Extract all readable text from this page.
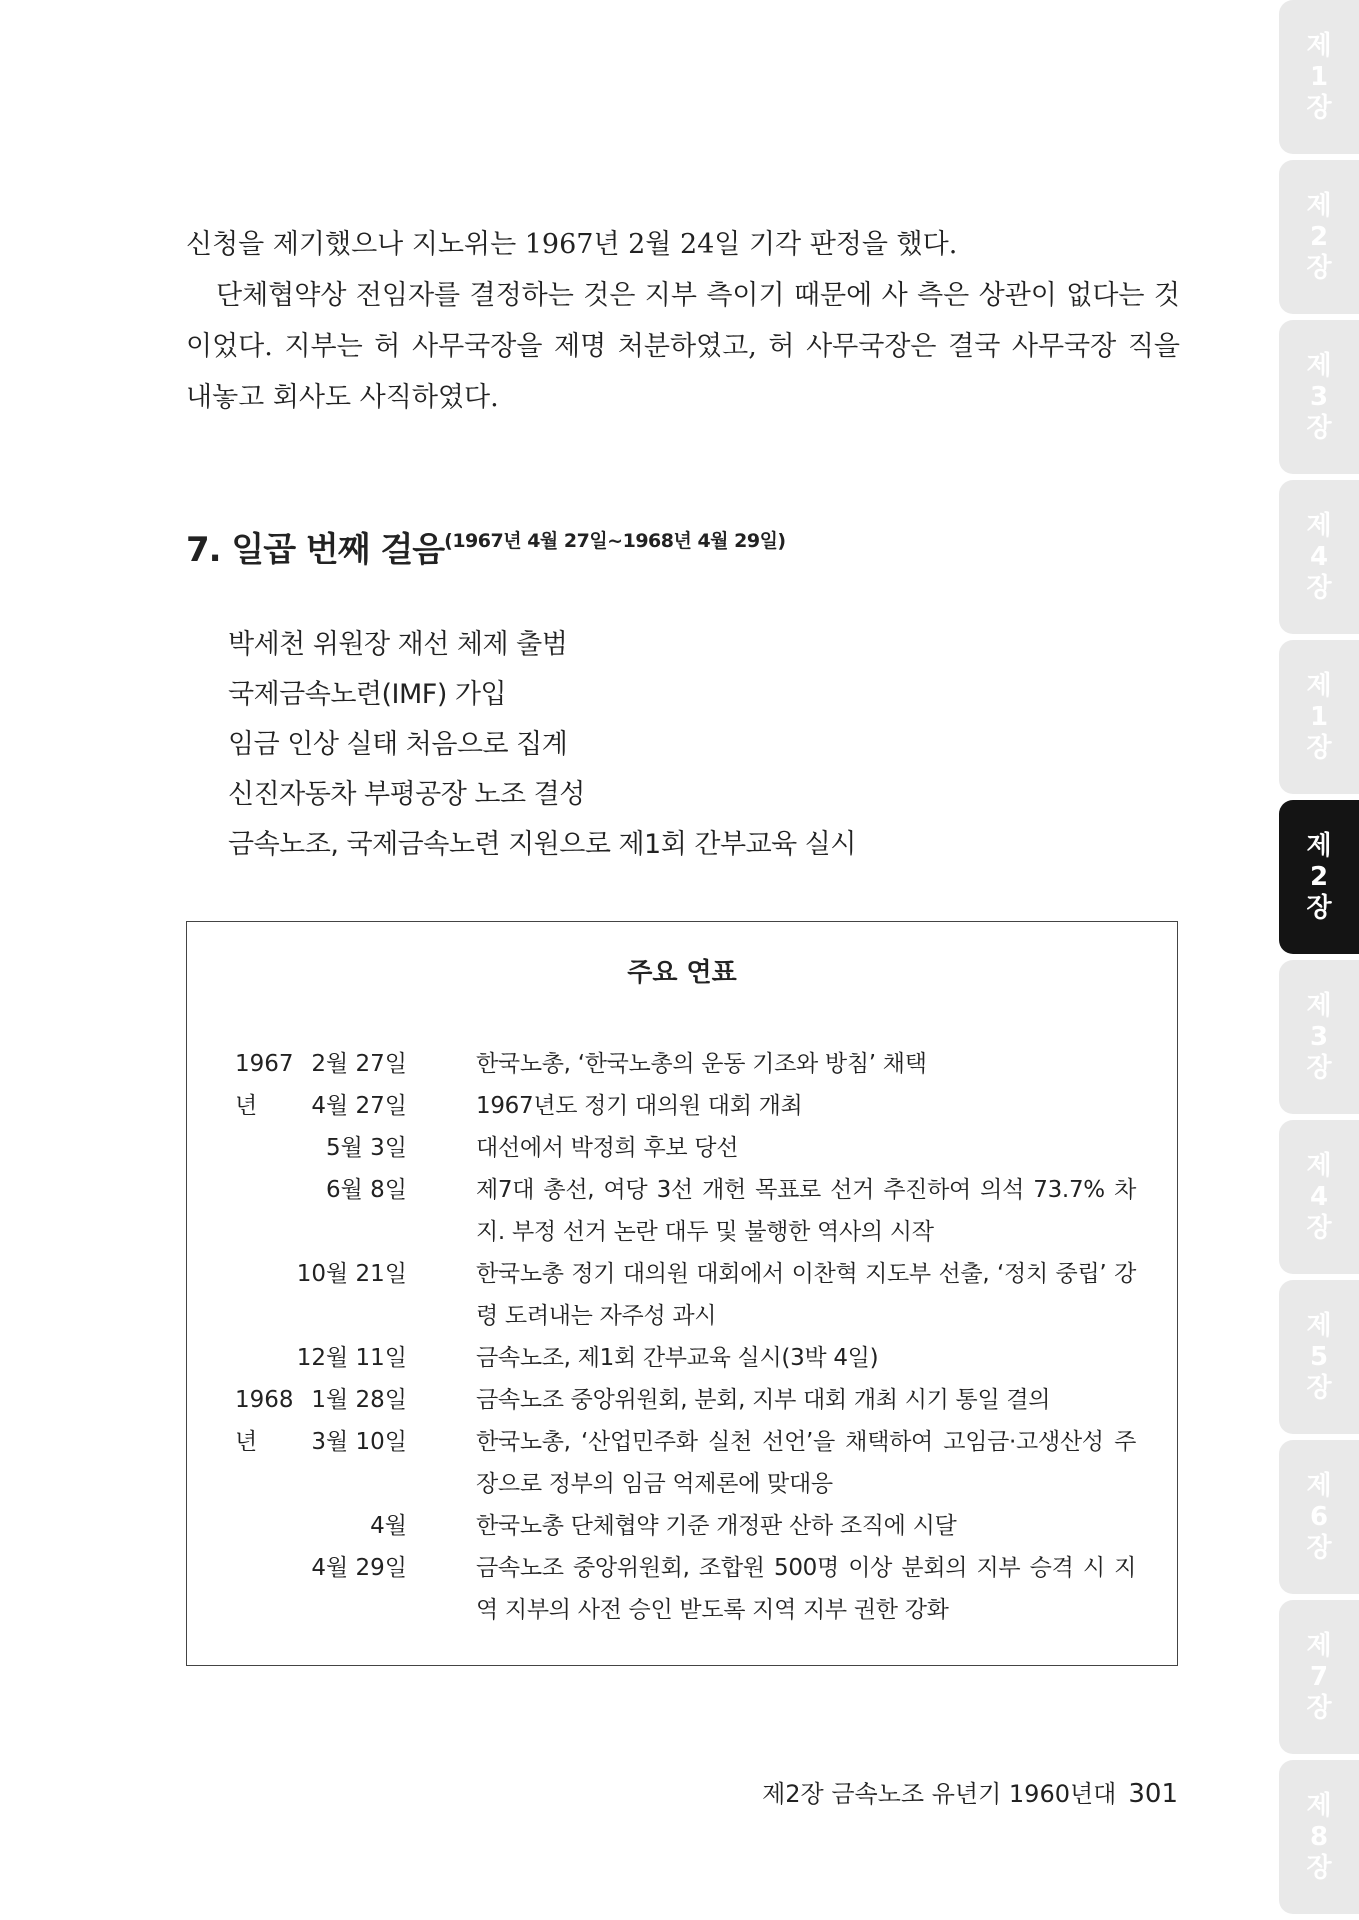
신청을 제기했으나 지노위는 1967년 2월 24일 기각 판정을 했다.

단체협약상 전임자를 결정하는 것은 지부 측이기 때문에 사 측은 상관이 없다는 것이었다. 지부는 허 사무국장을 제명 처분하였고, 허 사무국장은 결국 사무국장 직을 내놓고 회사도 사직하였다.

7. 일곱 번째 걸음$^{(1967년 4월 27일\sim 1968년 4월 29일)}$
박세천 위원장 재선 체제 출범
국제금속노련(IMF) 가입
임금 인상 실태 처음으로 집계
신진자동차 부평공장 노조 결성
금속노조, 국제금속노련 지원으로 제1회 간부교육 실시
주요 연표
1967년
2월 27일	한국노총, ‘한국노총의 운동 기조와 방침’ 채택
4월 27일	1967년도 정기 대의원 대회 개최
5월 3일	대선에서 박정희 후보 당선
6월 8일	제7대 총선, 여당 3선 개헌 목표로 선거 추진하여 의석 73.7% 차지. 부정 선거 논란 대두 및 불행한 역사의 시작
10월 21일	한국노총 정기 대의원 대회에서 이찬혁 지도부 선출, ‘정치 중립’ 강령 도려내는 자주성 과시
12월 11일	금속노조, 제1회 간부교육 실시(3박 4일)
1968년
1월 28일	금속노조 중앙위원회, 분회, 지부 대회 개최 시기 통일 결의
3월 10일	한국노총, ‘산업민주화 실천 선언’을 채택하여 고임금·고생산성 주장으로 정부의 임금 억제론에 맞대응
4월	한국노총 단체협약 기준 개정판 산하 조직에 시달
4월 29일	금속노조 중앙위원회, 조합원 500명 이상 분회의 지부 승격 시 지역 지부의 사전 승인 받도록 지역 지부 권한 강화
제2장 금속노조 유년기 1960년대 301
제
1
장
제
2
장
제
3
장
제
4
장
제
1
장
제
2
장
제
3
장
제
4
장
제
5
장
제
6
장
제
7
장
제
8
장
